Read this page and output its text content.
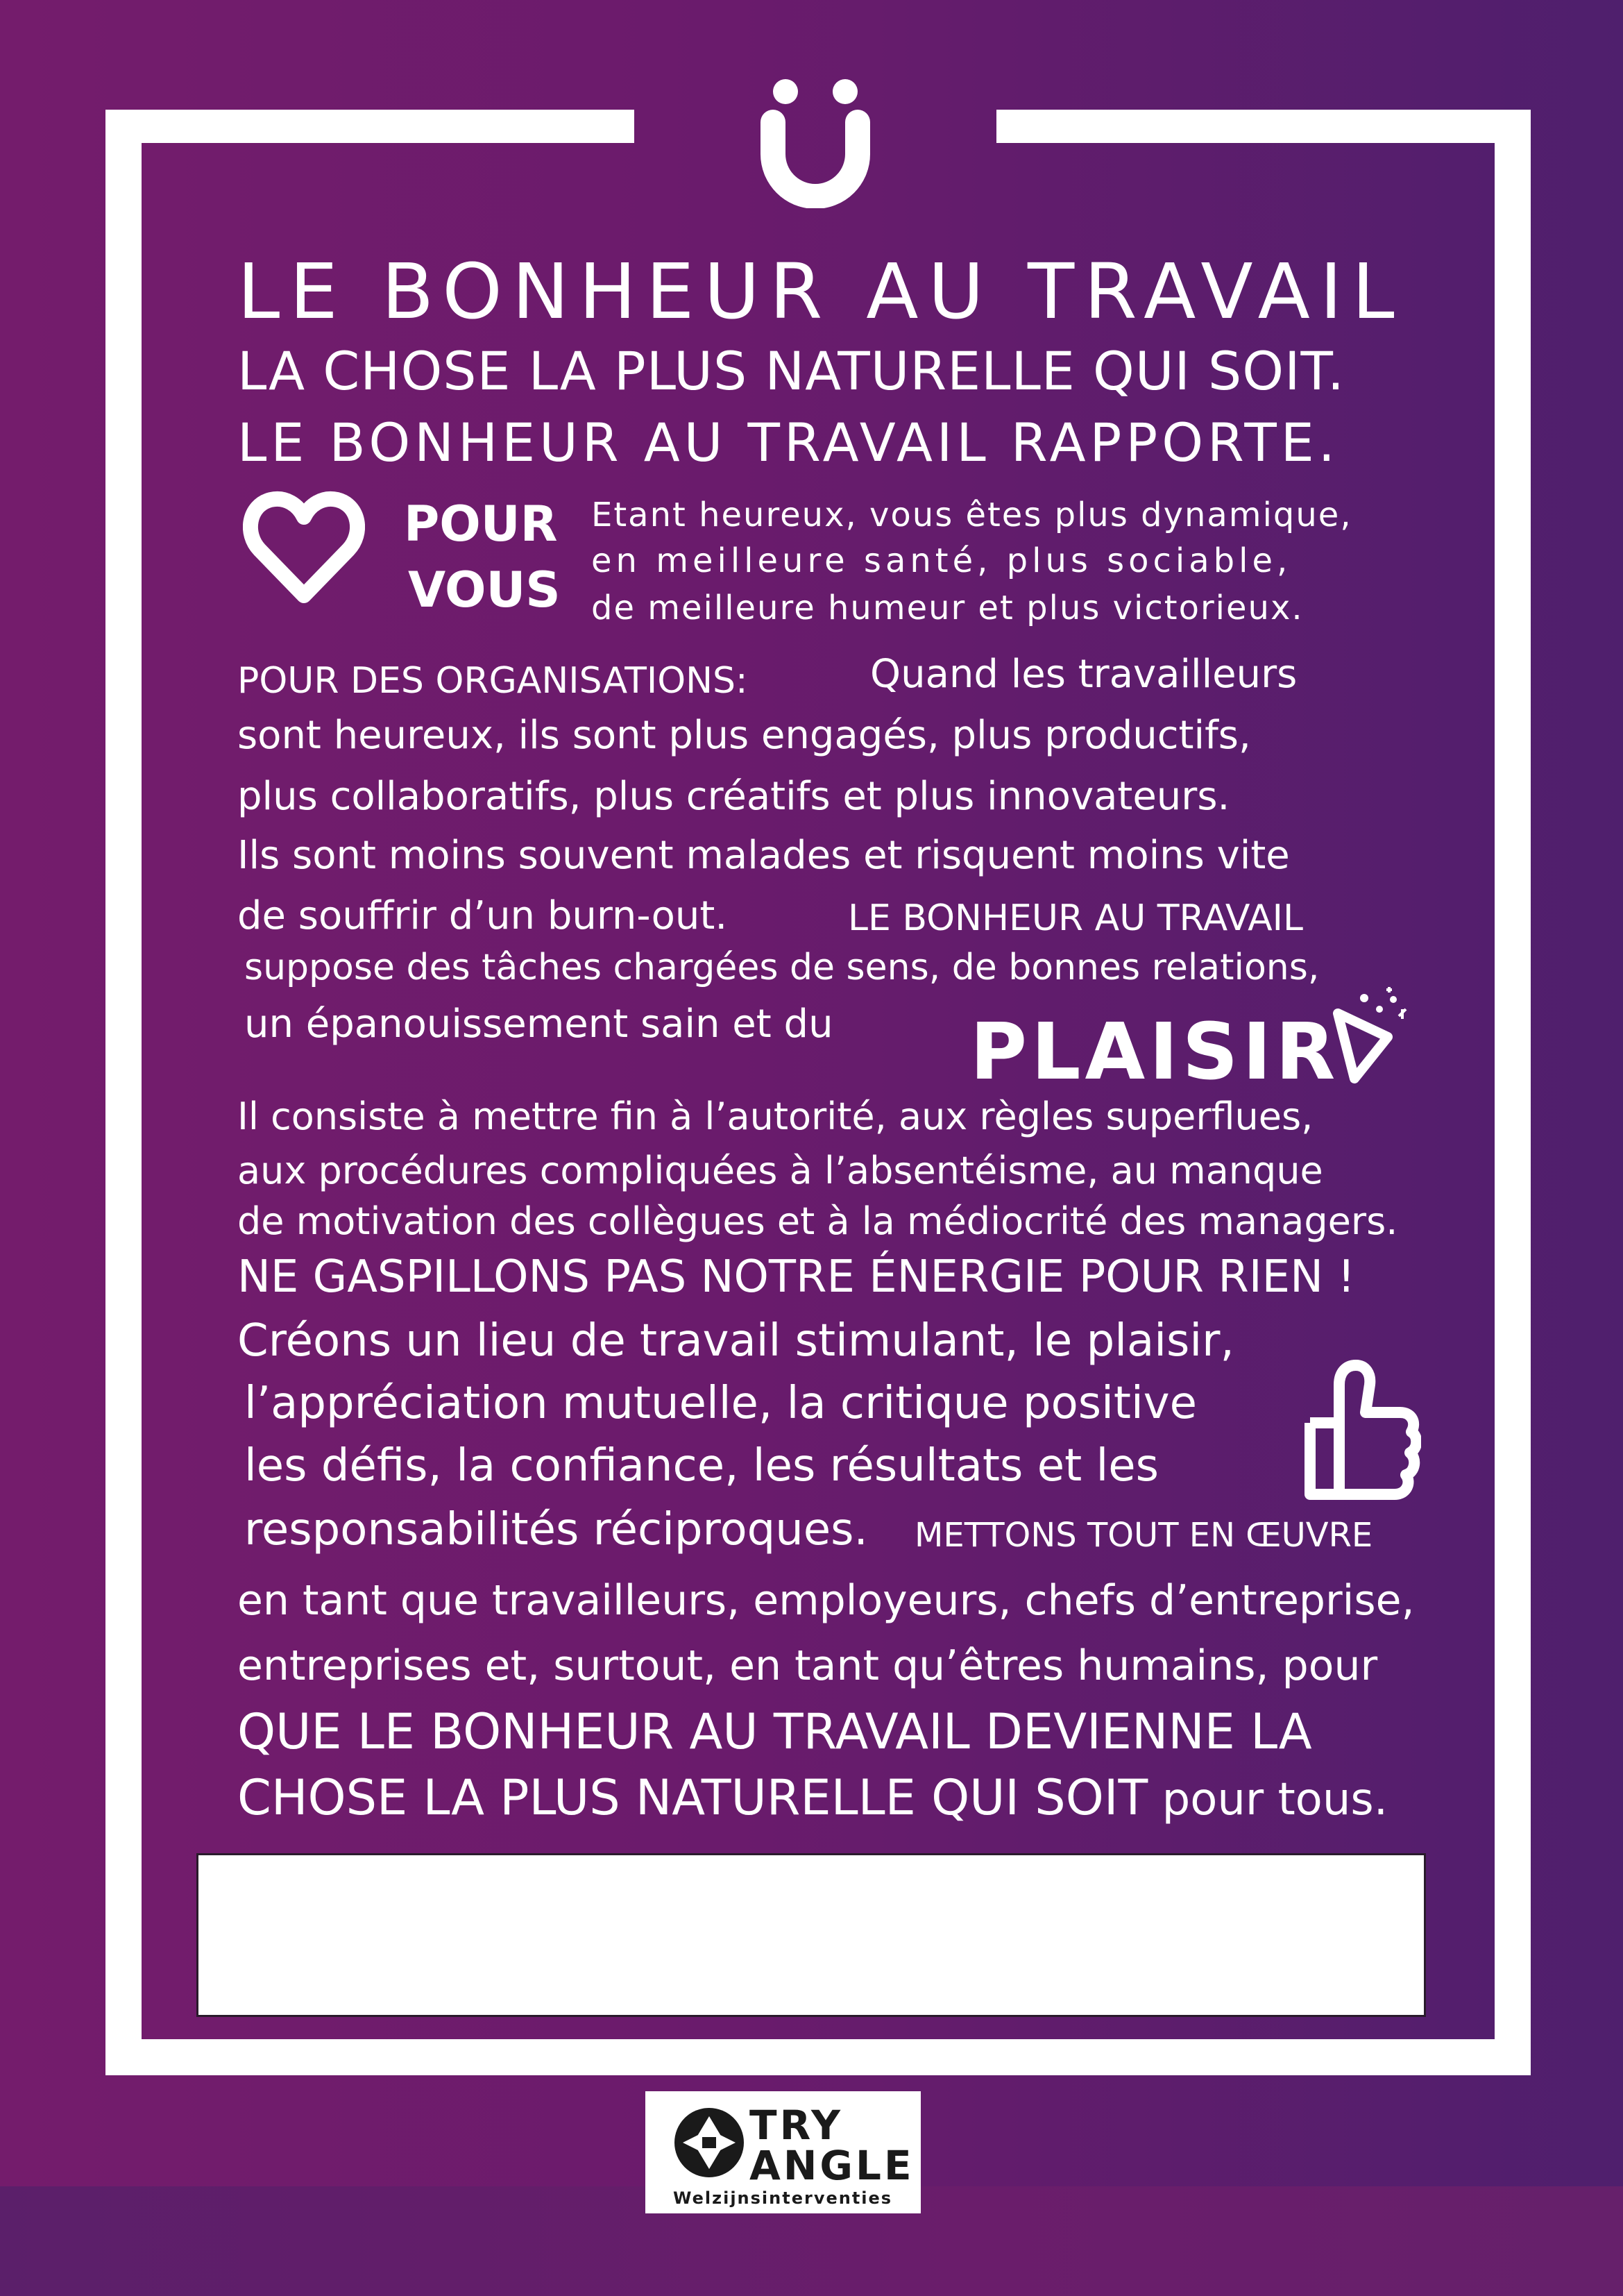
LE BONHEUR AU TRAVAIL
LA CHOSE LA PLUS NATURELLE QUI SOIT.
LE BONHEUR AU TRAVAIL RAPPORTE.
POUR
VOUS
Etant heureux, vous êtes plus dynamique,
en meilleure santé, plus sociable,
de meilleure humeur et plus victorieux.
POUR DES ORGANISATIONS:	Quand les travailleurs
sont heureux, ils sont plus engagés, plus productifs,
plus collaboratifs, plus créatifs et plus innovateurs.
Ils sont moins souvent malades et risquent moins vite
de souffrir d’un burn-out.	LE BONHEUR AU TRAVAIL
suppose des tâches chargées de sens, de bonnes relations,
un épanouissement sain et du PLAISIR
Il consiste à mettre fin à l’autorité, aux règles superflues,
aux procédures compliquées à l’absentéisme, au manque
de motivation des collègues et à la médiocrité des managers.
NE GASPILLONS PAS NOTRE ÉNERGIE POUR RIEN !
Créons un lieu de travail stimulant, le plaisir,
l’appréciation mutuelle, la critique positive
les défis, la confiance, les résultats et les
responsabilités réciproques. METTONS TOUT EN ŒUVRE
en tant que travailleurs, employeurs, chefs d’entreprise,
entreprises et, surtout, en tant qu’êtres humains, pour
QUE LE BONHEUR AU TRAVAIL DEVIENNE LA
CHOSE LA PLUS NATURELLE QUI SOIT pour tous.
TRY
ANGLE
Welzijnsinterventies
